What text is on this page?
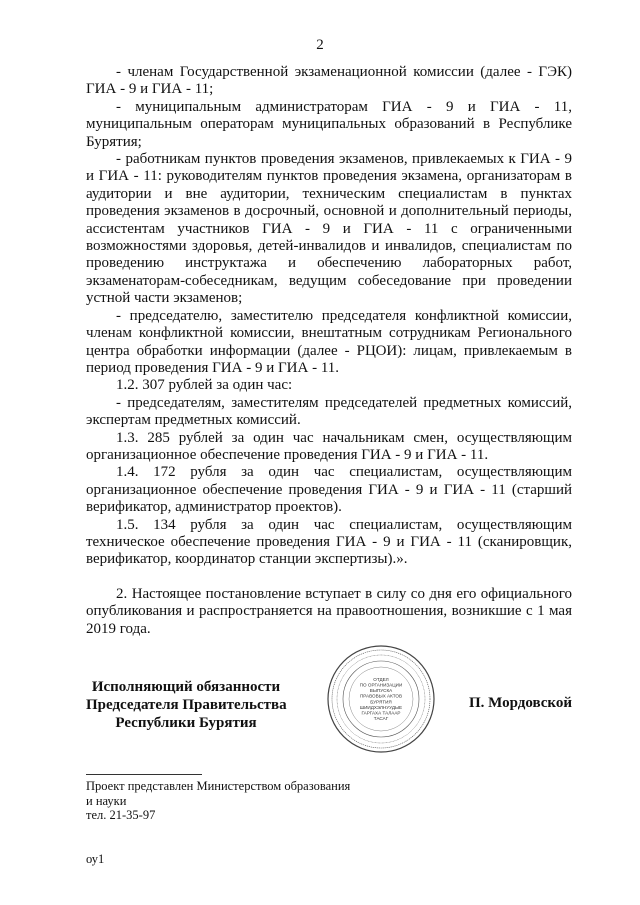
2

- членам Государственной экзаменационной комиссии (далее - ГЭК) ГИА - 9 и ГИА - 11;

- муниципальным администраторам ГИА - 9 и ГИА - 11, муниципальным операторам муниципальных образований в Республике Бурятия;

- работникам пунктов проведения экзаменов, привлекаемых к ГИА - 9 и ГИА - 11: руководителям пунктов проведения экзамена, организаторам в аудитории и вне аудитории, техническим специалистам в пунктах проведения экзаменов в досрочный, основной и дополнительный периоды, ассистентам участников ГИА - 9 и ГИА - 11 с ограниченными возможностями здоровья, детей-инвалидов и инвалидов, специалистам по проведению инструктажа и обеспечению лабораторных работ, экзаменаторам-собеседникам, ведущим собеседование при проведении устной части экзаменов;

- председателю, заместителю председателя конфликтной комиссии, членам конфликтной комиссии, внештатным сотрудникам Регионального центра обработки информации (далее - РЦОИ): лицам, привлекаемым в период проведения ГИА - 9 и ГИА - 11.

1.2. 307 рублей за один час:

- председателям, заместителям председателей предметных комиссий, экспертам предметных комиссий.

1.3. 285 рублей за один час начальникам смен, осуществляющим организационное обеспечение проведения ГИА - 9 и ГИА - 11.

1.4. 172 рубля за один час специалистам, осуществляющим организационное обеспечение проведения ГИА - 9 и ГИА - 11 (старший верификатор, администратор проектов).

1.5. 134 рубля за один час специалистам, осуществляющим техническое обеспечение проведения ГИА - 9 и ГИА - 11 (сканировщик, верификатор, координатор станции экспертизы).».

2. Настоящее постановление вступает в силу со дня его официального опубликования и распространяется на правоотношения, возникшие с 1 мая 2019 года.

ОТДЕЛ
ПО ОРГАНИЗАЦИИ
ВЫПУСКА
ПРАВОВЫХ АКТОВ
БУРЯТИЯ
ШИИДХЭЛНУУДЫЕ
ГАРГАХА ТАЛААР
ТАСАГ
Исполняющий обязанности
Председателя Правительства
Республики Бурятия
П. Мордовской
Проект представлен Министерством образования
и науки
тел. 21-35-97
оу1
